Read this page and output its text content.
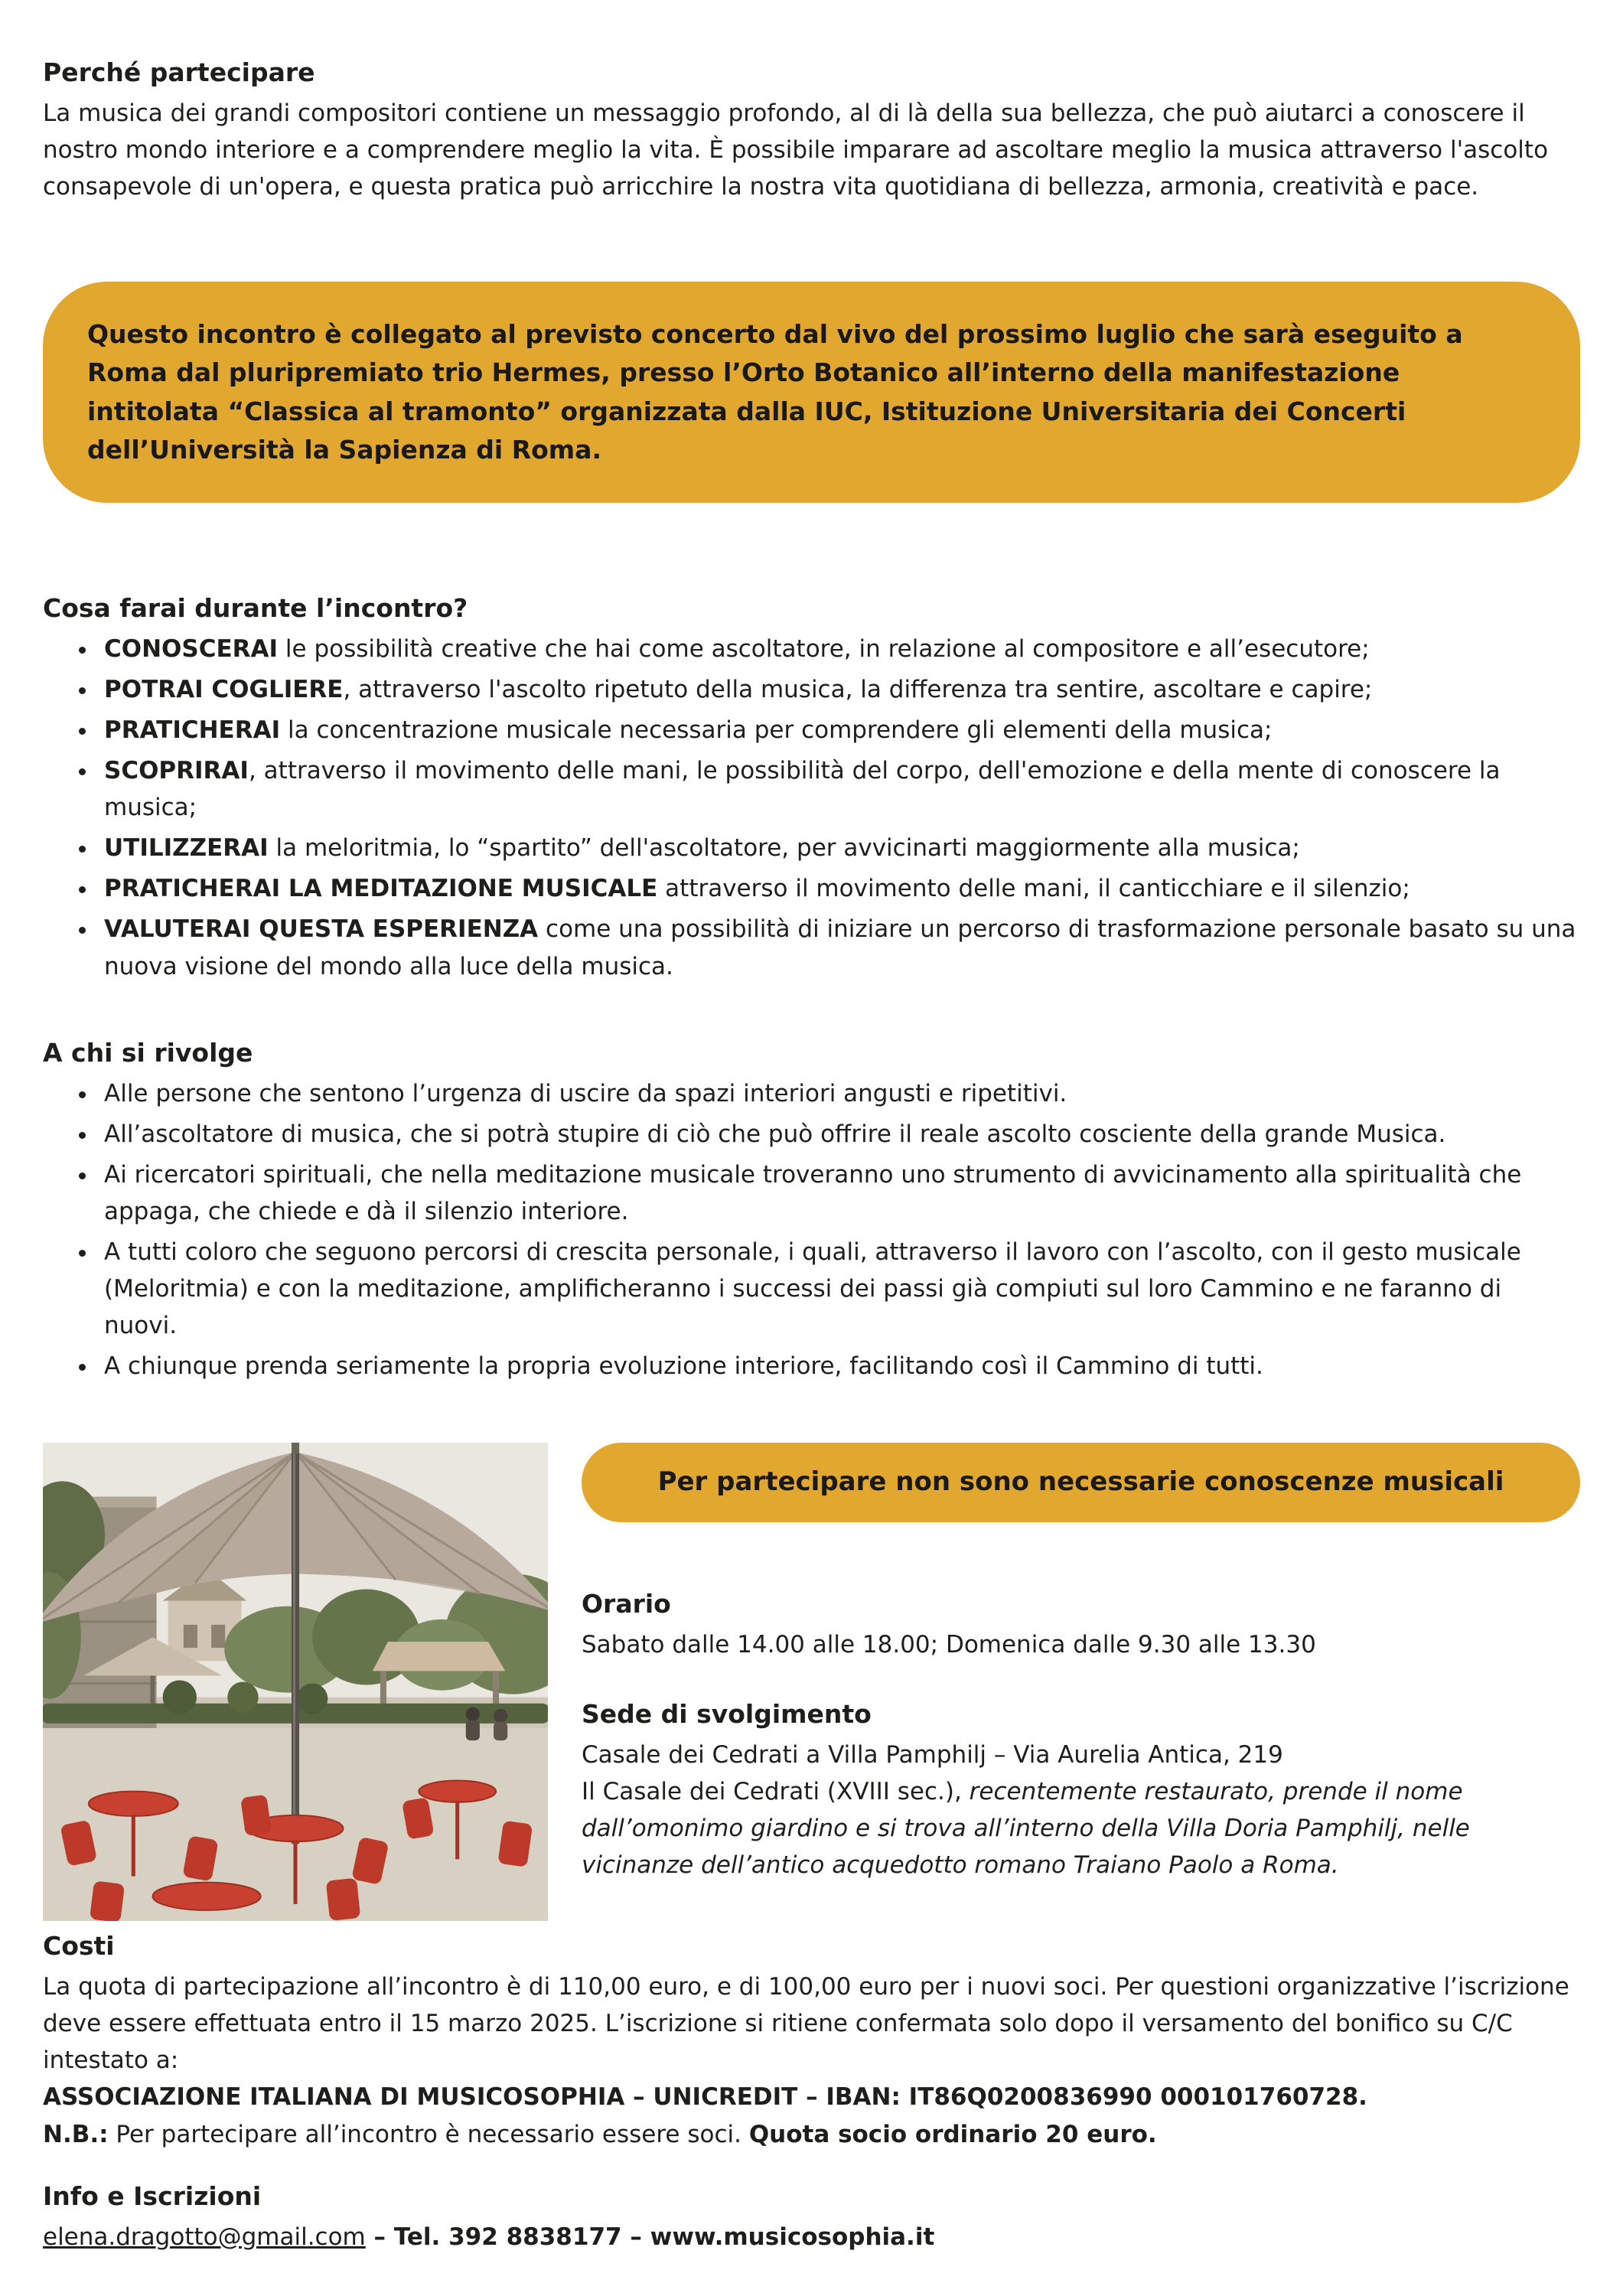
Perché partecipare

La musica dei grandi compositori contiene un messaggio profondo, al di là della sua bellezza, che può aiutarci a conoscere il nostro mondo interiore e a comprendere meglio la vita. È possibile imparare ad ascoltare meglio la musica attraverso l'ascolto consapevole di un'opera, e questa pratica può arricchire la nostra vita quotidiana di bellezza, armonia, creatività e pace.

Questo incontro è collegato al previsto concerto dal vivo del prossimo luglio che sarà eseguito a Roma dal pluripremiato trio Hermes, presso l’Orto Botanico all’interno della manifestazione intitolata “Classica al tramonto” organizzata dalla IUC, Istituzione Universitaria dei Concerti dell’Università la Sapienza di Roma.

Cosa farai durante l’incontro?
• CONOSCERAI le possibilità creative che hai come ascoltatore, in relazione al compositore e all’esecutore;
• POTRAI COGLIERE, attraverso l'ascolto ripetuto della musica, la differenza tra sentire, ascoltare e capire;
• PRATICHERAI la concentrazione musicale necessaria per comprendere gli elementi della musica;
• SCOPRIRAI, attraverso il movimento delle mani, le possibilità del corpo, dell'emozione e della mente di conoscere la musica;
• UTILIZZERAI la meloritmia, lo “spartito” dell'ascoltatore, per avvicinarti maggiormente alla musica;
• PRATICHERAI LA MEDITAZIONE MUSICALE attraverso il movimento delle mani, il canticchiare e il silenzio;
• VALUTERAI QUESTA ESPERIENZA come una possibilità di iniziare un percorso di trasformazione personale basato su una nuova visione del mondo alla luce della musica.
A chi si rivolge
• Alle persone che sentono l’urgenza di uscire da spazi interiori angusti e ripetitivi.
• All’ascoltatore di musica, che si potrà stupire di ciò che può offrire il reale ascolto cosciente della grande Musica.
• Ai ricercatori spirituali, che nella meditazione musicale troveranno uno strumento di avvicinamento alla spiritualità che appaga, che chiede e dà il silenzio interiore.
• A tutti coloro che seguono percorsi di crescita personale, i quali, attraverso il lavoro con l’ascolto, con il gesto musicale (Meloritmia) e con la meditazione, amplificheranno i successi dei passi già compiuti sul loro Cammino e ne faranno di nuovi.
• A chiunque prenda seriamente la propria evoluzione interiore, facilitando così il Cammino di tutti.
Per partecipare non sono necessarie conoscenze musicali
Orario

Sabato dalle 14.00 alle 18.00; Domenica dalle 9.30 alle 13.30

Sede di svolgimento

Casale dei Cedrati a Villa Pamphilj – Via Aurelia Antica, 219

Il Casale dei Cedrati (XVIII sec.), recentemente restaurato, prende il nome dall’omonimo giardino e si trova all’interno della Villa Doria Pamphilj, nelle vicinanze dell’antico acquedotto romano Traiano Paolo a Roma.

Costi

La quota di partecipazione all’incontro è di 110,00 euro, e di 100,00 euro per i nuovi soci. Per questioni organizzative l’iscrizione deve essere effettuata entro il 15 marzo 2025. L’iscrizione si ritiene confermata solo dopo il versamento del bonifico su C/C intestato a:

ASSOCIAZIONE ITALIANA DI MUSICOSOPHIA – UNICREDIT – IBAN: IT86Q0200836990 000101760728.

N.B.: Per partecipare all’incontro è necessario essere soci. Quota socio ordinario 20 euro.

Info e Iscrizioni

elena.dragotto@gmail.com – Tel. 392 8838177 – www.musicosophia.it
